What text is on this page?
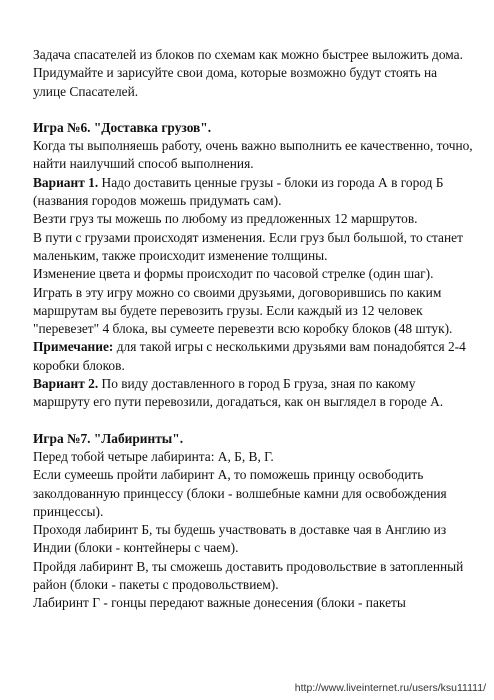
Задача спасателей из блоков по схемам как можно быстрее выложить дома. Придумайте и зарисуйте свои дома, которые возможно будут стоять на улице Спасателей.

Игра №6. "Доставка грузов".

Когда ты выполняешь работу, очень важно выполнить ее качественно, точно, найти наилучший способ выполнения.

Вариант 1. Надо доставить ценные грузы - блоки из города А в город Б (названия городов можешь придумать сам).

Везти груз ты можешь по любому из предложенных 12 маршрутов.

В пути с грузами происходят изменения. Если груз был большой, то станет маленьким, также происходит изменение толщины.

Изменение цвета и формы происходит по часовой стрелке (один шаг).

Играть в эту игру можно со своими друзьями, договорившись по каким маршрутам вы будете перевозить грузы. Если каждый из 12 человек "перевезет" 4 блока, вы сумеете перевезти всю коробку блоков (48 штук).

Примечание: для такой игры с несколькими друзьями вам понадобятся 2-4 коробки блоков.

Вариант 2. По виду доставленного в город Б груза, зная по какому маршруту его пути перевозили, догадаться, как он выглядел в городе А.

Игра №7. "Лабиринты".

Перед тобой четыре лабиринта: А, Б, В, Г.

Если сумеешь пройти лабиринт А, то поможешь принцу освободить заколдованную принцессу (блоки - волшебные камни для освобождения принцессы).

Проходя лабиринт Б, ты будешь участвовать в доставке чая в Англию из Индии (блоки - контейнеры с чаем).

Пройдя лабиринт В, ты сможешь доставить продовольствие в затопленный район (блоки - пакеты с продовольствием).

Лабиринт Г - гонцы передают важные донесения (блоки - пакеты

http://www.liveinternet.ru/users/ksu11111/
